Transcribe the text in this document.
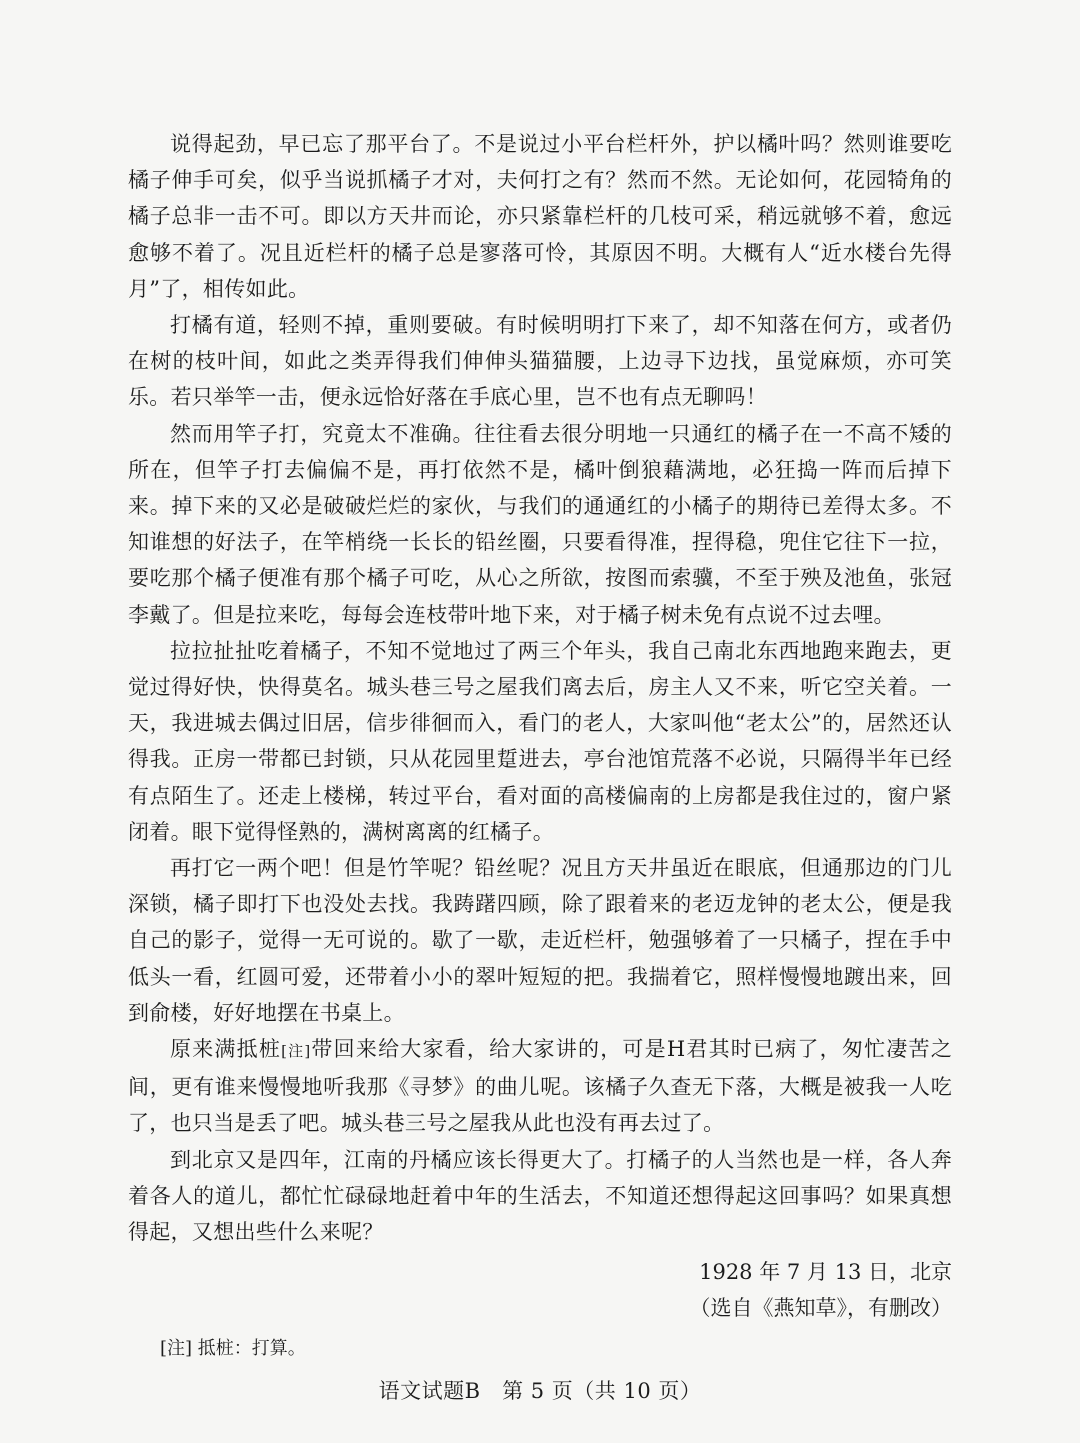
说得起劲，早已忘了那平台了。不是说过小平台栏杆外，护以橘叶吗？然则谁要吃橘子伸手可矣，似乎当说抓橘子才对，夫何打之有？然而不然。无论如何，花园犄角的橘子总非一击不可。即以方天井而论，亦只紧靠栏杆的几枝可采，稍远就够不着，愈远愈够不着了。况且近栏杆的橘子总是寥落可怜，其原因不明。大概有人“近水楼台先得月”了，相传如此。

打橘有道，轻则不掉，重则要破。有时候明明打下来了，却不知落在何方，或者仍在树的枝叶间，如此之类弄得我们伸伸头猫猫腰，上边寻下边找，虽觉麻烦，亦可笑乐。若只举竿一击，便永远恰好落在手底心里，岂不也有点无聊吗！

然而用竿子打，究竟太不准确。往往看去很分明地一只通红的橘子在一不高不矮的所在，但竿子打去偏偏不是，再打依然不是，橘叶倒狼藉满地，必狂捣一阵而后掉下来。掉下来的又必是破破烂烂的家伙，与我们的通通红的小橘子的期待已差得太多。不知谁想的好法子，在竿梢绕一长长的铅丝圈，只要看得准，捏得稳，兜住它往下一拉，要吃那个橘子便准有那个橘子可吃，从心之所欲，按图而索骥，不至于殃及池鱼，张冠李戴了。但是拉来吃，每每会连枝带叶地下来，对于橘子树未免有点说不过去哩。

拉拉扯扯吃着橘子，不知不觉地过了两三个年头，我自己南北东西地跑来跑去，更觉过得好快，快得莫名。城头巷三号之屋我们离去后，房主人又不来，听它空关着。一天，我进城去偶过旧居，信步徘徊而入，看门的老人，大家叫他“老太公”的，居然还认得我。正房一带都已封锁，只从花园里踅进去，亭台池馆荒落不必说，只隔得半年已经有点陌生了。还走上楼梯，转过平台，看对面的高楼偏南的上房都是我住过的，窗户紧闭着。眼下觉得怪熟的，满树离离的红橘子。

再打它一两个吧！但是竹竿呢？铅丝呢？况且方天井虽近在眼底，但通那边的门儿深锁，橘子即打下也没处去找。我踌躇四顾，除了跟着来的老迈龙钟的老太公，便是我自己的影子，觉得一无可说的。歇了一歇，走近栏杆，勉强够着了一只橘子，捏在手中低头一看，红圆可爱，还带着小小的翠叶短短的把。我揣着它，照样慢慢地踱出来，回到俞楼，好好地摆在书桌上。

原来满抵桩[注]带回来给大家看，给大家讲的，可是H君其时已病了，匆忙凄苦之间，更有谁来慢慢地听我那《寻梦》的曲儿呢。该橘子久查无下落，大概是被我一人吃了，也只当是丢了吧。城头巷三号之屋我从此也没有再去过了。

到北京又是四年，江南的丹橘应该长得更大了。打橘子的人当然也是一样，各人奔着各人的道儿，都忙忙碌碌地赶着中年的生活去，不知道还想得起这回事吗？如果真想得起，又想出些什么来呢？

1928 年 7 月 13 日，北京

（选自《燕知草》，有删改）

[注] 抵桩：打算。

语文试题B　第 5 页（共 10 页）
